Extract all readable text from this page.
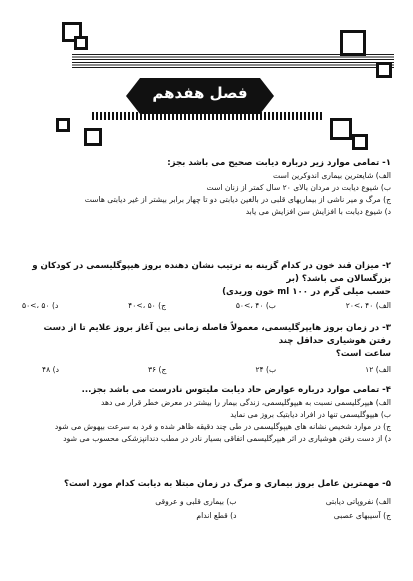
فصل هفدهم
۱- تمامی موارد زیر درباره دیابت صحیح می باشد بجز:
الف) شایعترین بیماری اندوکرین است
ب) شیوع دیابت در مردان بالای ۲۰ سال کمتر از زنان است
ج) مرگ و میر ناشی از بیماریهای قلبی در بالغین دیابتی دو تا چهار برابر بیشتر از غیر دیابتی هاست
د) شیوع دیابت با افزایش سن افزایش می یابد
۲- میزان قند خون در کدام گزینه به ترتیب نشان دهنده بروز هیپوگلیسمی در کودکان و بزرگسالان می باشد؟ (بر
حسب میلی گرم در ۱۰۰ ml خون وریدی)
الف) ۴۰ ،>۲۰
ب) ۴۰ ،>۵۰
ج) ۵۰ ،>۴۰
د) ۵۰ ،>۵۰
۳- در زمان بروز هایپرگلیسمی، معمولاً فاصله زمانی بین آغاز بروز علایم تا از دست رفتن هوشیاری حداقل چند
ساعت است؟
الف) ۱۲
ب) ۲۴
ج) ۳۶
د) ۴۸
۴- تمامی موارد درباره عوارض حاد دیابت ملیتوس نادرست می باشد بجز...
الف) هیپرگلیسمی نسبت به هیپوگلیسمی، زندگی بیمار را بیشتر در معرض خطر قرار می دهد
ب) هیپوگلیسمی تنها در افراد دیابتیک بروز می نماید
ج) در موارد شخیص نشانه های هیپوگلیسمی در طی چند دقیقه ظاهر شده و فرد به سرعت بیهوش می شود
د) از دست رفتن هوشیاری در اثر هیپرگلیسمی اتفاقی بسیار نادر در مطب دندانپزشکی محسوب می شود
۵- مهمترین عامل بروز بیماری و مرگ در زمان مبتلا به دیابت کدام مورد است؟
الف) نفروپاتی دیابتی
ب) بیماری قلبی و عروقی
ج) آسیبهای عصبی
د) قطع اندام
